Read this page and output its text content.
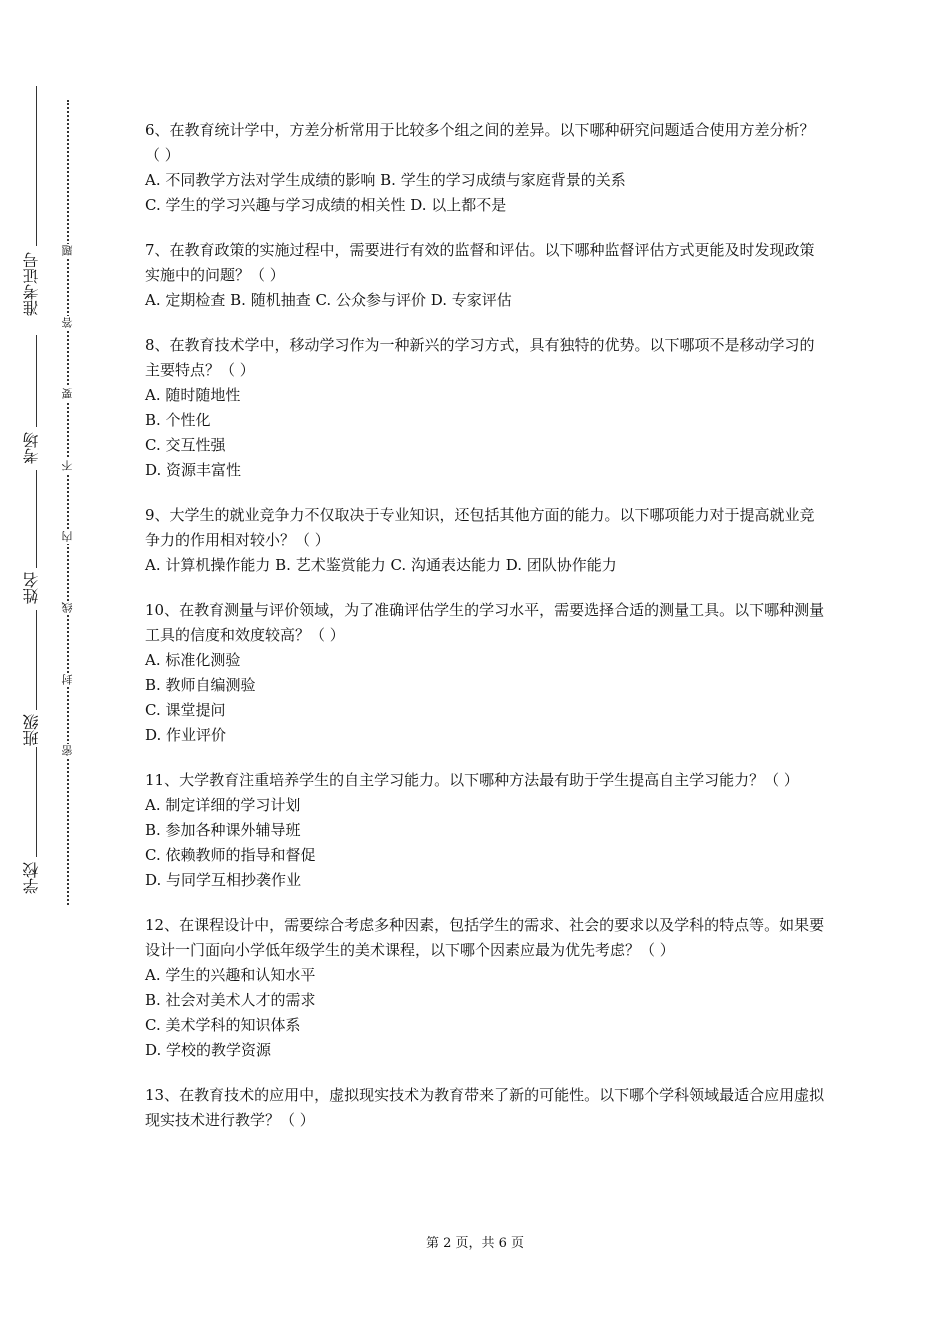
学校
班级
姓名
考场
准考证号
密
封
线
内
不
要
答
题

6、在教育统计学中，方差分析常用于比较多个组之间的差异。以下哪种研究问题适合使用方差分析？（ ）

A. 不同教学方法对学生成绩的影响 B. 学生的学习成绩与家庭背景的关系

C. 学生的学习兴趣与学习成绩的相关性 D. 以上都不是

7、在教育政策的实施过程中，需要进行有效的监督和评估。以下哪种监督评估方式更能及时发现政策实施中的问题？（ ）

A. 定期检查 B. 随机抽查 C. 公众参与评价 D. 专家评估

8、在教育技术学中，移动学习作为一种新兴的学习方式，具有独特的优势。以下哪项不是移动学习的主要特点？（ ）

A. 随时随地性

B. 个性化

C. 交互性强

D. 资源丰富性

9、大学生的就业竞争力不仅取决于专业知识，还包括其他方面的能力。以下哪项能力对于提高就业竞争力的作用相对较小？（ ）

A. 计算机操作能力 B. 艺术鉴赏能力 C. 沟通表达能力 D. 团队协作能力

10、在教育测量与评价领域，为了准确评估学生的学习水平，需要选择合适的测量工具。以下哪种测量工具的信度和效度较高？（ ）

A. 标准化测验

B. 教师自编测验

C. 课堂提问

D. 作业评价

11、大学教育注重培养学生的自主学习能力。以下哪种方法最有助于学生提高自主学习能力？（ ）

A. 制定详细的学习计划

B. 参加各种课外辅导班

C. 依赖教师的指导和督促

D. 与同学互相抄袭作业

12、在课程设计中，需要综合考虑多种因素，包括学生的需求、社会的要求以及学科的特点等。如果要设计一门面向小学低年级学生的美术课程，以下哪个因素应最为优先考虑？（ ）

A. 学生的兴趣和认知水平

B. 社会对美术人才的需求

C. 美术学科的知识体系

D. 学校的教学资源

13、在教育技术的应用中，虚拟现实技术为教育带来了新的可能性。以下哪个学科领域最适合应用虚拟现实技术进行教学？（ ）

第 2 页，共 6 页
